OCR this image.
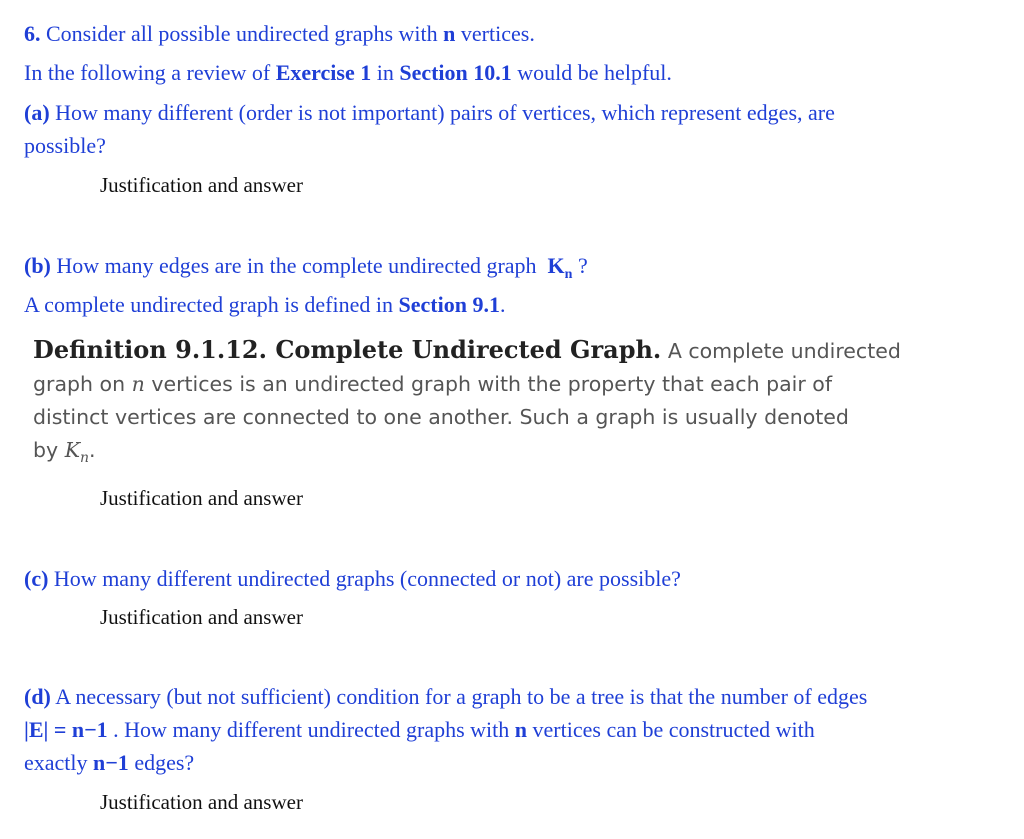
6. Consider all possible undirected graphs with n vertices.
In the following a review of Exercise 1 in Section 10.1 would be helpful.
(a) How many different (order is not important) pairs of vertices, which represent edges, are
possible?
Justification and answer
(b) How many edges are in the complete undirected graph $K_n$ ?
A complete undirected graph is defined in Section 9.1.
Definition 9.1.12. Complete Undirected Graph. A complete undirected
graph on n vertices is an undirected graph with the property that each pair of
distinct vertices are connected to one another. Such a graph is usually denoted
by $K_n$.
Justification and answer
(c) How many different undirected graphs (connected or not) are possible?
Justification and answer
(d) A necessary (but not sufficient) condition for a graph to be a tree is that the number of edges
|E| = n−1 . How many different undirected graphs with n vertices can be constructed with
exactly n−1 edges?
Justification and answer
